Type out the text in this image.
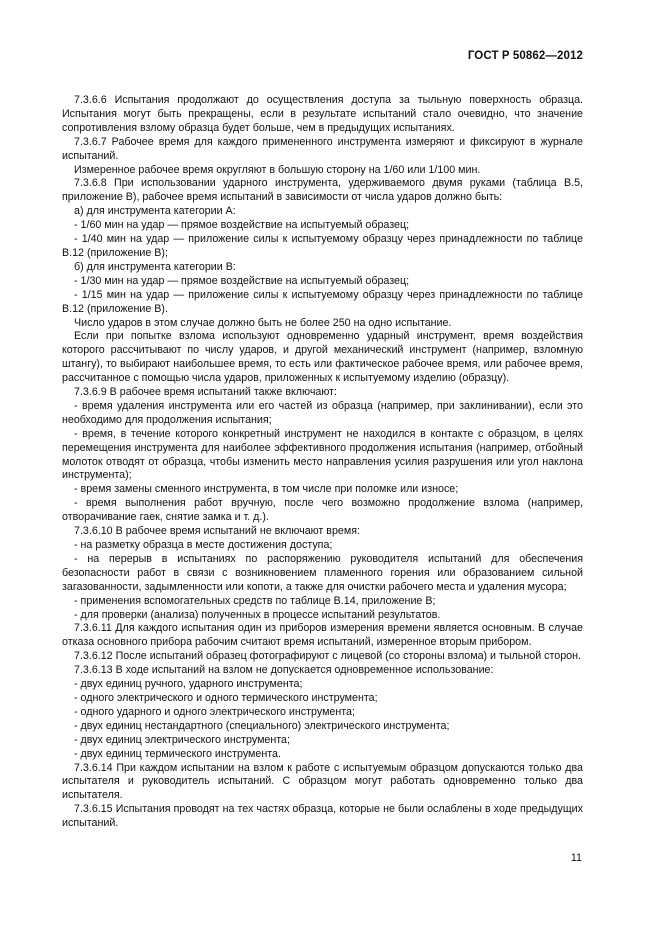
ГОСТ Р 50862—2012

7.3.6.6 Испытания продолжают до осуществления доступа за тыльную поверхность образца. Испытания могут быть прекращены, если в результате испытаний стало очевидно, что значение сопротивления взлому образца будет больше, чем в предыдущих испытаниях.

7.3.6.7 Рабочее время для каждого примененного инструмента измеряют и фиксируют в журнале испытаний.

Измеренное рабочее время округляют в большую сторону на 1/60 или 1/100 мин.

7.3.6.8 При использовании ударного инструмента, удерживаемого двумя руками (таблица В.5, приложение В), рабочее время испытаний в зависимости от числа ударов должно быть:

а) для инструмента категории А:

- 1/60 мин на удар — прямое воздействие на испытуемый образец;

- 1/40 мин на удар — приложение силы к испытуемому образцу через принадлежности по таблице В.12 (приложение В);

б) для инструмента категории В:

- 1/30 мин на удар — прямое воздействие на испытуемый образец;

- 1/15 мин на удар — приложение силы к испытуемому образцу через принадлежности по таблице В.12 (приложение В).

Число ударов в этом случае должно быть не более 250 на одно испытание.

Если при попытке взлома используют одновременно ударный инструмент, время воздействия которого рассчитывают по числу ударов, и другой механический инструмент (например, взломную штангу), то выбирают наибольшее время, то есть или фактическое рабочее время, или рабочее время, рассчитанное с помощью числа ударов, приложенных к испытуемому изделию (образцу).

7.3.6.9 В рабочее время испытаний также включают:

- время удаления инструмента или его частей из образца (например, при заклинивании), если это необходимо для продолжения испытания;

- время, в течение которого конкретный инструмент не находился в контакте с образцом, в целях перемещения инструмента для наиболее эффективного продолжения испытания (например, отбойный молоток отводят от образца, чтобы изменить место направления усилия разрушения или угол наклона инструмента);

- время замены сменного инструмента, в том числе при поломке или износе;

- время выполнения работ вручную, после чего возможно продолжение взлома (например, отворачивание гаек, снятие замка и т. д.).

7.3.6.10 В рабочее время испытаний не включают время:

- на разметку образца в месте достижения доступа;

- на перерыв в испытаниях по распоряжению руководителя испытаний для обеспечения безопасности работ в связи с возникновением пламенного горения или образованием сильной загазованности, задымленности или копоти, а также для очистки рабочего места и удаления мусора;

- применения вспомогательных средств по таблице В.14, приложение В;

- для проверки (анализа) полученных в процессе испытаний результатов.

7.3.6.11 Для каждого испытания один из приборов измерения времени является основным. В случае отказа основного прибора рабочим считают время испытаний, измеренное вторым прибором.

7.3.6.12 После испытаний образец фотографируют с лицевой (со стороны взлома) и тыльной сторон.

7.3.6.13 В ходе испытаний на взлом не допускается одновременное использование:

- двух единиц ручного, ударного инструмента;

- одного электрического и одного термического инструмента;

- одного ударного и одного электрического инструмента;

- двух единиц нестандартного (специального) электрического инструмента;

- двух единиц электрического инструмента;

- двух единиц термического инструмента.

7.3.6.14 При каждом испытании на взлом к работе с испытуемым образцом допускаются только два испытателя и руководитель испытаний. С образцом могут работать одновременно только два испытателя.

7.3.6.15 Испытания проводят на тех частях образца, которые не были ослаблены в ходе предыдущих испытаний.

11
